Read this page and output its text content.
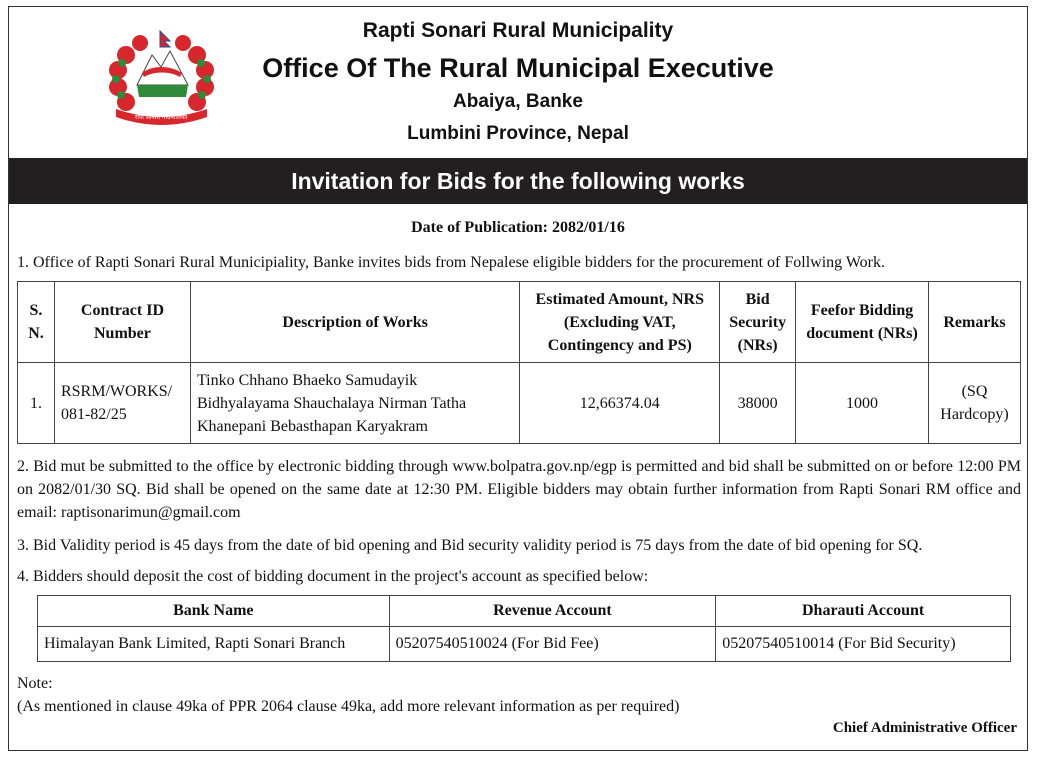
रापी सोनारी गाउँपालिका
Rapti Sonari Rural Municipality
Office Of The Rural Municipal Executive
Abaiya, Banke
Lumbini Province, Nepal
Invitation for Bids for the following works
Date of Publication: 2082/01/16
1. Office of Rapti Sonari Rural Municipiality, Banke invites bids from Nepalese eligible bidders for the procurement of Follwing Work.
S. N.	Contract ID Number	Description of Works	Estimated Amount, NRS (Excluding VAT, Contingency and PS)	Bid Security (NRs)	Feefor Bidding document (NRs)	Remarks
1.	RSRM/WORKS/ 081-82/25	Tinko Chhano Bhaeko Samudayik Bidhyalayama Shauchalaya Nirman Tatha Khanepani Bebasthapan Karyakram	12,66374.04	38000	1000	(SQ Hardcopy)
2. Bid mut be submitted to the office by electronic bidding through www.bolpatra.gov.np/egp is permitted and bid shall be submitted on or before 12:00 PM on 2082/01/30 SQ. Bid shall be opened on the same date at 12:30 PM. Eligible bidders may obtain further information from Rapti Sonari RM office and email: raptisonarimun@gmail.com
3. Bid Validity period is 45 days from the date of bid opening and Bid security validity period is 75 days from the date of bid opening for SQ.
4. Bidders should deposit the cost of bidding document in the project's account as specified below:
Bank Name	Revenue Account	Dharauti Account
Himalayan Bank Limited, Rapti Sonari Branch	05207540510024 (For Bid Fee)	05207540510014 (For Bid Security)
Note:
(As mentioned in clause 49ka of PPR 2064 clause 49ka, add more relevant information as per required)
Chief Administrative Officer
